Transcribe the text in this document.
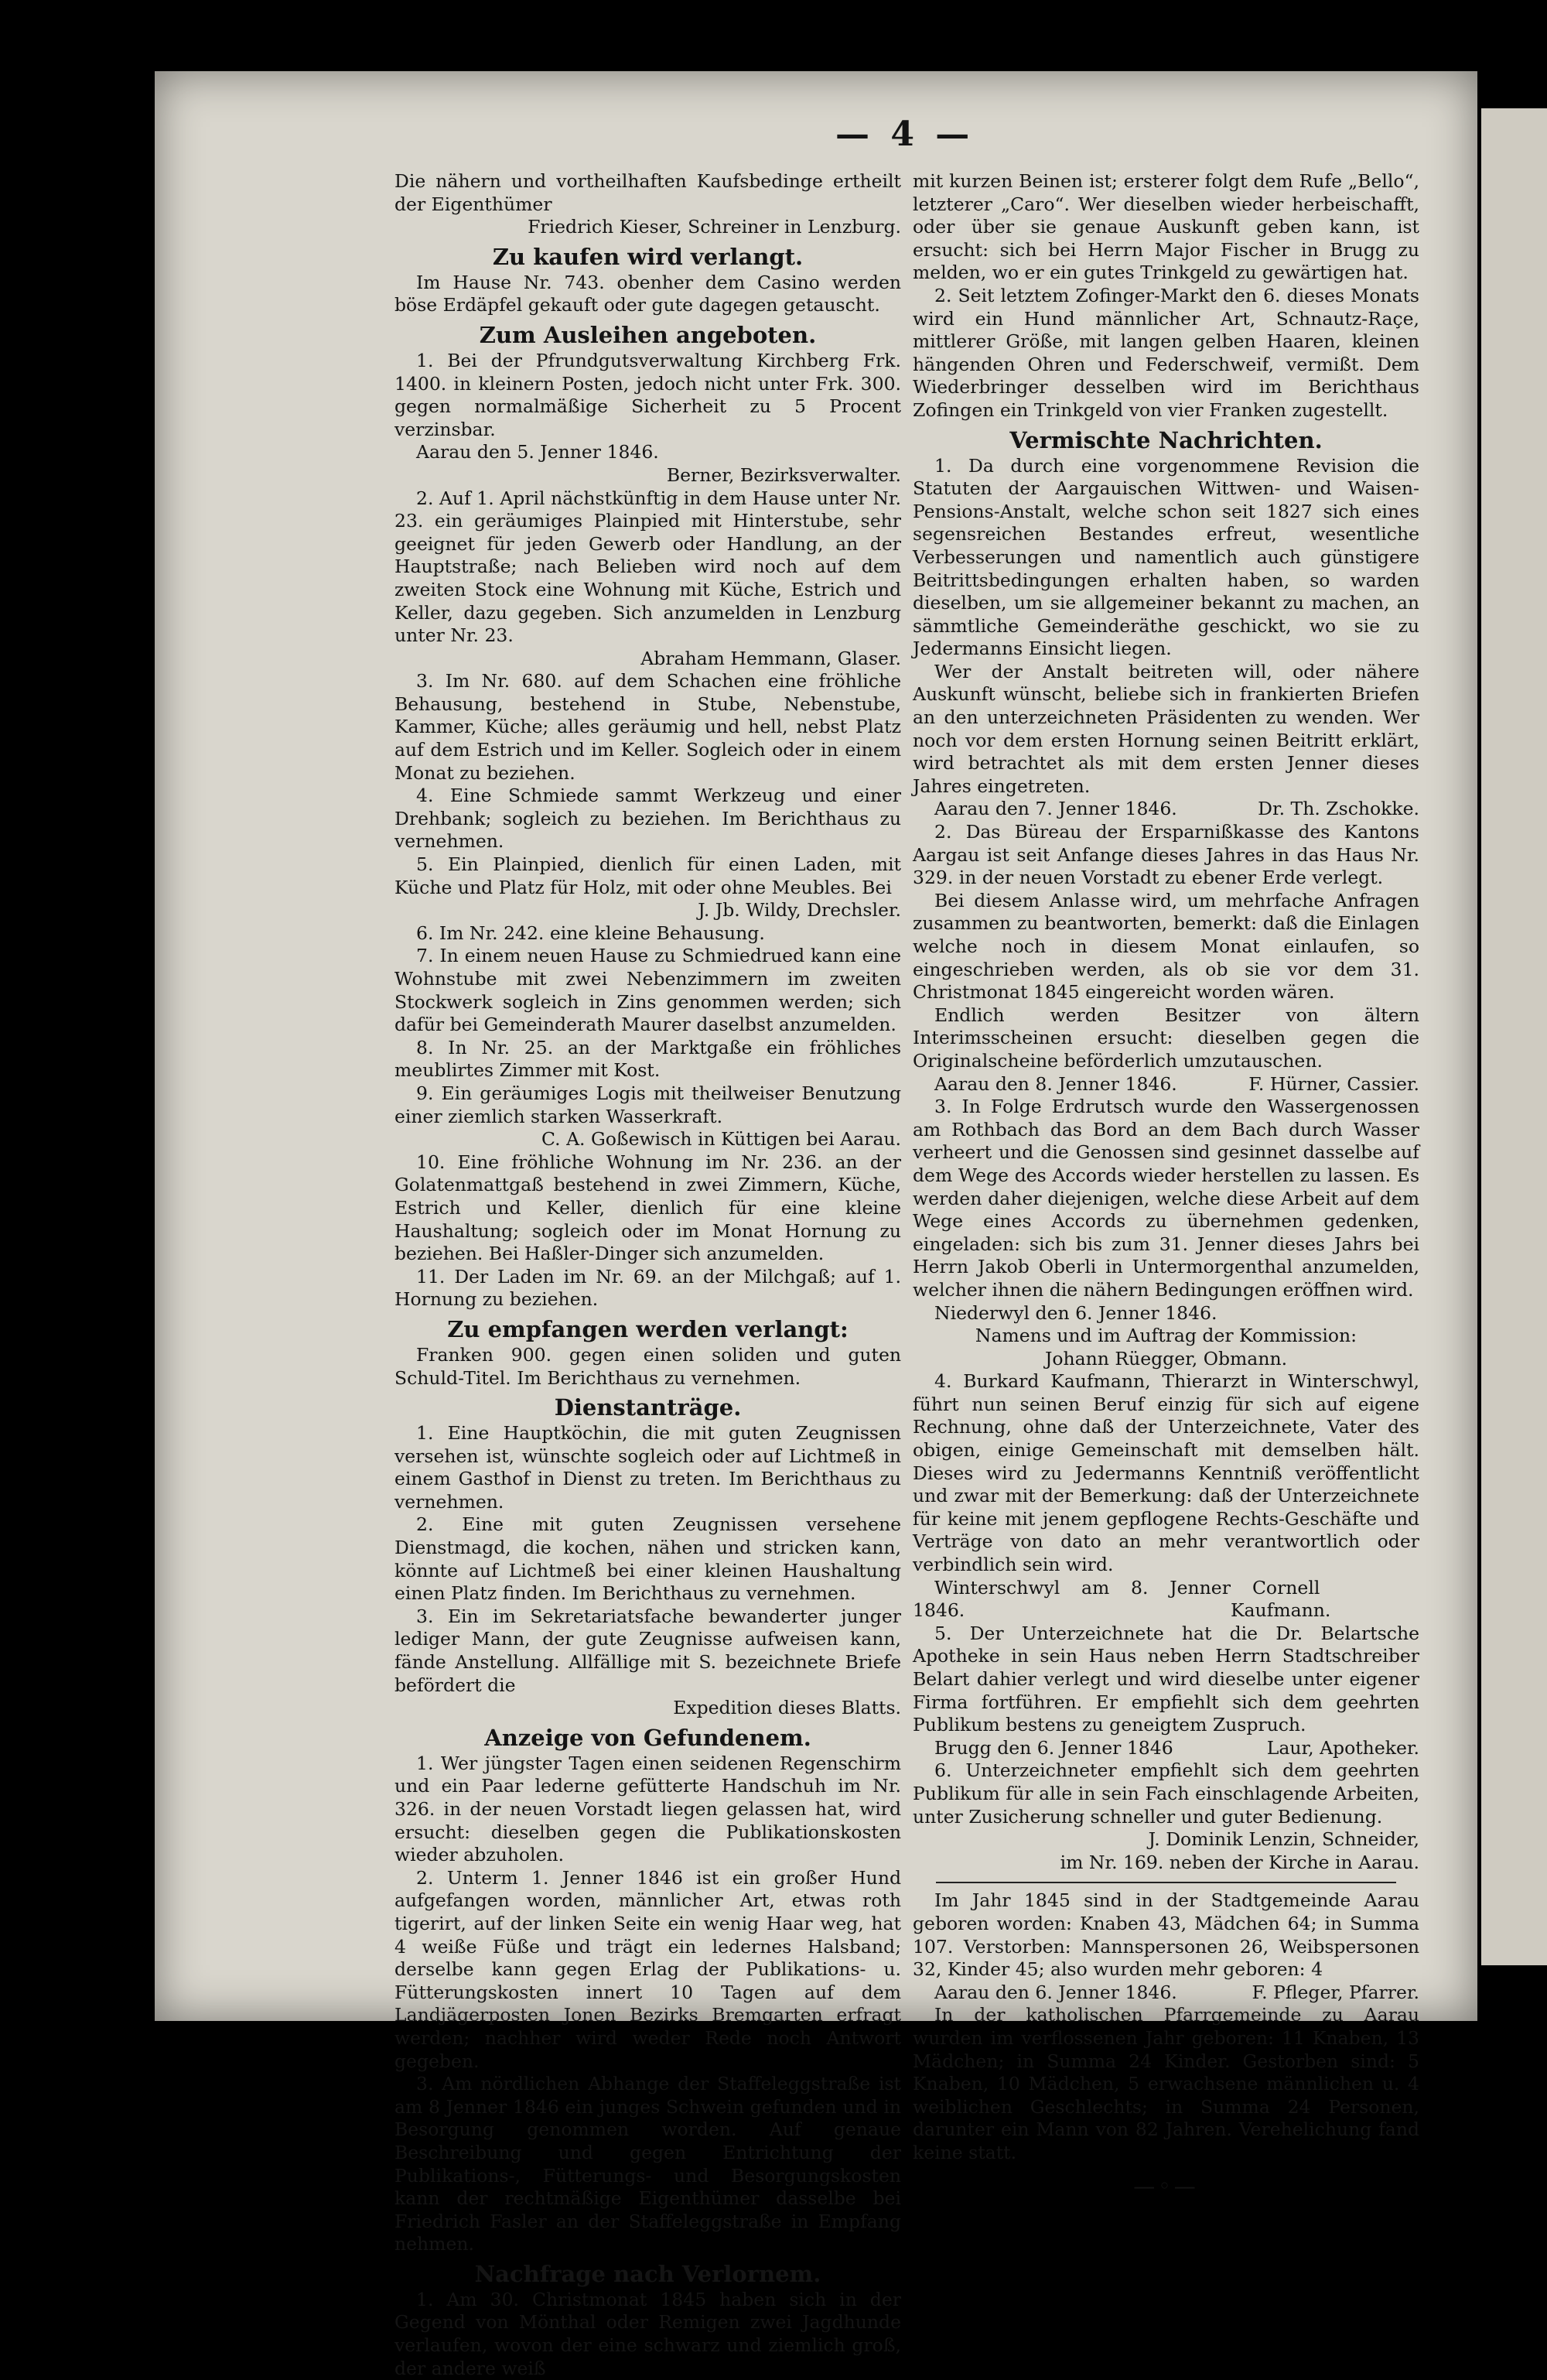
— 4 —

Die nähern und vortheilhaften Kaufsbedinge ertheilt der Eigenthümer

Friedrich Kieser, Schreiner in Lenzburg.

Zu kaufen wird verlangt.

Im Hause Nr. 743. obenher dem Casino werden böse Erdäpfel gekauft oder gute dagegen getauscht.

Zum Ausleihen angeboten.

1. Bei der Pfrundgutsverwaltung Kirchberg Frk. 1400. in kleinern Posten, jedoch nicht unter Frk. 300. gegen normalmäßige Sicherheit zu 5 Procent verzinsbar.

Aarau den 5. Jenner 1846.

Berner, Bezirksverwalter.

2. Auf 1. April nächstkünftig in dem Hause unter Nr. 23. ein geräumiges Plainpied mit Hinterstube, sehr geeignet für jeden Gewerb oder Handlung, an der Hauptstraße; nach Belieben wird noch auf dem zweiten Stock eine Wohnung mit Küche, Estrich und Keller, dazu gegeben. Sich anzumelden in Lenzburg unter Nr. 23.

Abraham Hemmann, Glaser.

3. Im Nr. 680. auf dem Schachen eine fröhliche Behausung, bestehend in Stube, Nebenstube, Kammer, Küche; alles geräumig und hell, nebst Platz auf dem Estrich und im Keller. Sogleich oder in einem Monat zu beziehen.

4. Eine Schmiede sammt Werkzeug und einer Drehbank; sogleich zu beziehen. Im Berichthaus zu vernehmen.

5. Ein Plainpied, dienlich für einen Laden, mit Küche und Platz für Holz, mit oder ohne Meubles. Bei

J. Jb. Wildy, Drechsler.

6. Im Nr. 242. eine kleine Behausung.

7. In einem neuen Hause zu Schmiedrued kann eine Wohnstube mit zwei Nebenzimmern im zweiten Stockwerk sogleich in Zins genommen werden; sich dafür bei Gemeinderath Maurer daselbst anzumelden.

8. In Nr. 25. an der Marktgaße ein fröhliches meublirtes Zimmer mit Kost.

9. Ein geräumiges Logis mit theilweiser Benutzung einer ziemlich starken Wasserkraft.

C. A. Goßewisch in Küttigen bei Aarau.

10. Eine fröhliche Wohnung im Nr. 236. an der Golatenmattgaß bestehend in zwei Zimmern, Küche, Estrich und Keller, dienlich für eine kleine Haushaltung; sogleich oder im Monat Hornung zu beziehen. Bei Haßler-Dinger sich anzumelden.

11. Der Laden im Nr. 69. an der Milchgaß; auf 1. Hornung zu beziehen.

Zu empfangen werden verlangt:

Franken 900. gegen einen soliden und guten Schuld-Titel. Im Berichthaus zu vernehmen.

Dienstanträge.

1. Eine Hauptköchin, die mit guten Zeugnissen versehen ist, wünschte sogleich oder auf Lichtmeß in einem Gasthof in Dienst zu treten. Im Berichthaus zu vernehmen.

2. Eine mit guten Zeugnissen versehene Dienstmagd, die kochen, nähen und stricken kann, könnte auf Lichtmeß bei einer kleinen Haushaltung einen Platz finden. Im Berichthaus zu vernehmen.

3. Ein im Sekretariatsfache bewanderter junger lediger Mann, der gute Zeugnisse aufweisen kann, fände Anstellung. Allfällige mit S. bezeichnete Briefe befördert die

Expedition dieses Blatts.

Anzeige von Gefundenem.

1. Wer jüngster Tagen einen seidenen Regenschirm und ein Paar lederne gefütterte Handschuh im Nr. 326. in der neuen Vorstadt liegen gelassen hat, wird ersucht: dieselben gegen die Publikationskosten wieder abzuholen.

2. Unterm 1. Jenner 1846 ist ein großer Hund aufgefangen worden, männlicher Art, etwas roth tigerirt, auf der linken Seite ein wenig Haar weg, hat 4 weiße Füße und trägt ein ledernes Halsband; derselbe kann gegen Erlag der Publikations- u. Fütterungskosten innert 10 Tagen auf dem Landjägerposten Jonen Bezirks Bremgarten erfragt werden; nachher wird weder Rede noch Antwort gegeben.

3. Am nördlichen Abhange der Staffeleggstraße ist am 8 Jenner 1846 ein junges Schwein gefunden und in Besorgung genommen worden. Auf genaue Beschreibung und gegen Entrichtung der Publikations-, Fütterungs- und Besorgungskosten kann der rechtmäßige Eigenthümer dasselbe bei Friedrich Fasler an der Staffeleggstraße in Empfang nehmen.

Nachfrage nach Verlornem.

1. Am 30. Christmonat 1845 haben sich in der Gegend von Mönthal oder Remigen zwei Jagdhunde verlaufen, wovon der eine schwarz und ziemlich groß, der andere weiß

mit kurzen Beinen ist; ersterer folgt dem Rufe „Bello“, letzterer „Caro“. Wer dieselben wieder herbeischafft, oder über sie genaue Auskunft geben kann, ist ersucht: sich bei Herrn Major Fischer in Brugg zu melden, wo er ein gutes Trinkgeld zu gewärtigen hat.

2. Seit letztem Zofinger-Markt den 6. dieses Monats wird ein Hund männlicher Art, Schnautz-Raçe, mittlerer Größe, mit langen gelben Haaren, kleinen hängenden Ohren und Federschweif, vermißt. Dem Wiederbringer desselben wird im Berichthaus Zofingen ein Trinkgeld von vier Franken zugestellt.

Vermischte Nachrichten.

1. Da durch eine vorgenommene Revision die Statuten der Aargauischen Wittwen- und Waisen-Pensions-Anstalt, welche schon seit 1827 sich eines segensreichen Bestandes erfreut, wesentliche Verbesserungen und namentlich auch günstigere Beitrittsbedingungen erhalten haben, so warden dieselben, um sie allgemeiner bekannt zu machen, an sämmtliche Gemeinderäthe geschickt, wo sie zu Jedermanns Einsicht liegen.

Wer der Anstalt beitreten will, oder nähere Auskunft wünscht, beliebe sich in frankierten Briefen an den unterzeichneten Präsidenten zu wenden. Wer noch vor dem ersten Hornung seinen Beitritt erklärt, wird betrachtet als mit dem ersten Jenner dieses Jahres eingetreten.

Aarau den 7. Jenner 1846.	Dr. Th. Zschokke.

2. Das Büreau der Ersparnißkasse des Kantons Aargau ist seit Anfange dieses Jahres in das Haus Nr. 329. in der neuen Vorstadt zu ebener Erde verlegt.

Bei diesem Anlasse wird, um mehrfache Anfragen zusammen zu beantworten, bemerkt: daß die Einlagen welche noch in diesem Monat einlaufen, so eingeschrieben werden, als ob sie vor dem 31. Christmonat 1845 eingereicht worden wären.

Endlich werden Besitzer von ältern Interimsscheinen ersucht: dieselben gegen die Originalscheine beförderlich umzutauschen.

Aarau den 8. Jenner 1846.	F. Hürner, Cassier.

3. In Folge Erdrutsch wurde den Wassergenossen am Rothbach das Bord an dem Bach durch Wasser verheert und die Genossen sind gesinnet dasselbe auf dem Wege des Accords wieder herstellen zu lassen. Es werden daher diejenigen, welche diese Arbeit auf dem Wege eines Accords zu übernehmen gedenken, eingeladen: sich bis zum 31. Jenner dieses Jahrs bei Herrn Jakob Oberli in Untermorgenthal anzumelden, welcher ihnen die nähern Bedingungen eröffnen wird.

Niederwyl den 6. Jenner 1846.

Namens und im Auftrag der Kommission:

Johann Rüegger, Obmann.

4. Burkard Kaufmann, Thierarzt in Winterschwyl, führt nun seinen Beruf einzig für sich auf eigene Rechnung, ohne daß der Unterzeichnete, Vater des obigen, einige Gemeinschaft mit demselben hält. Dieses wird zu Jedermanns Kenntniß veröffentlicht und zwar mit der Bemerkung: daß der Unterzeichnete für keine mit jenem gepflogene Rechts-Geschäfte und Verträge von dato an mehr verantwortlich oder verbindlich sein wird.

Winterschwyl am 8. Jenner 1846.
Cornell Kaufmann.

5. Der Unterzeichnete hat die Dr. Belartsche Apotheke in sein Haus neben Herrn Stadtschreiber Belart dahier verlegt und wird dieselbe unter eigener Firma fortführen. Er empfiehlt sich dem geehrten Publikum bestens zu geneigtem Zuspruch.

Brugg den 6. Jenner 1846	Laur, Apotheker.

6. Unterzeichneter empfiehlt sich dem geehrten Publikum für alle in sein Fach einschlagende Arbeiten, unter Zusicherung schneller und guter Bedienung.

J. Dominik Lenzin, Schneider,

im Nr. 169. neben der Kirche in Aarau.

Im Jahr 1845 sind in der Stadtgemeinde Aarau geboren worden: Knaben 43, Mädchen 64; in Summa 107. Verstorben: Mannspersonen 26, Weibspersonen 32, Kinder 45; also wurden mehr geboren: 4

Aarau den 6. Jenner 1846.	F. Pfleger, Pfarrer.

In der katholischen Pfarrgemeinde zu Aarau wurden im verflossenen Jahr geboren: 11 Knaben, 13 Mädchen; in Summa 24 Kinder. Gestorben sind: 5 Knaben, 10 Mädchen, 5 erwachsene männlichen u. 4 weiblichen Geschlechts; in Summa 24 Personen, darunter ein Mann von 82 Jahren. Verehelichung fand keine statt.

—◦—
